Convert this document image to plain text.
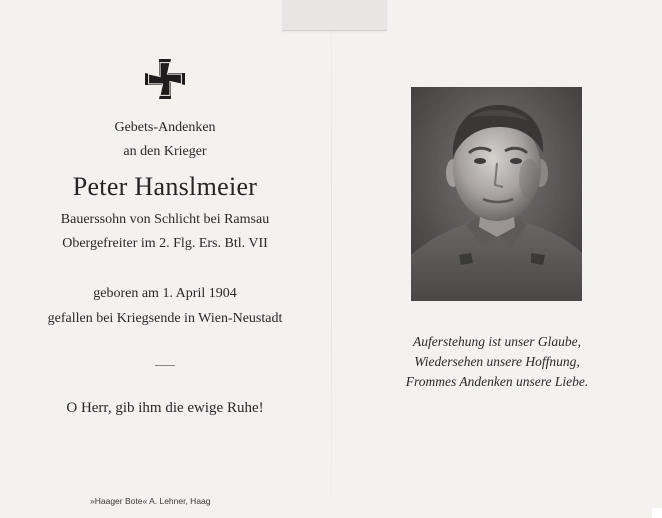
Gebets-Andenken
an den Krieger
Peter Hanslmeier
Bauerssohn von Schlicht bei Ramsau
Obergefreiter im 2. Flg. Ers. Btl. VII
geboren am 1. April 1904
gefallen bei Kriegsende in Wien-Neustadt
O Herr, gib ihm die ewige Ruhe!
»Haager Bote« A. Lehner, Haag
Auferstehung ist unser Glaube,
Wiedersehen unsere Hoffnung,
Frommes Andenken unsere Liebe.
